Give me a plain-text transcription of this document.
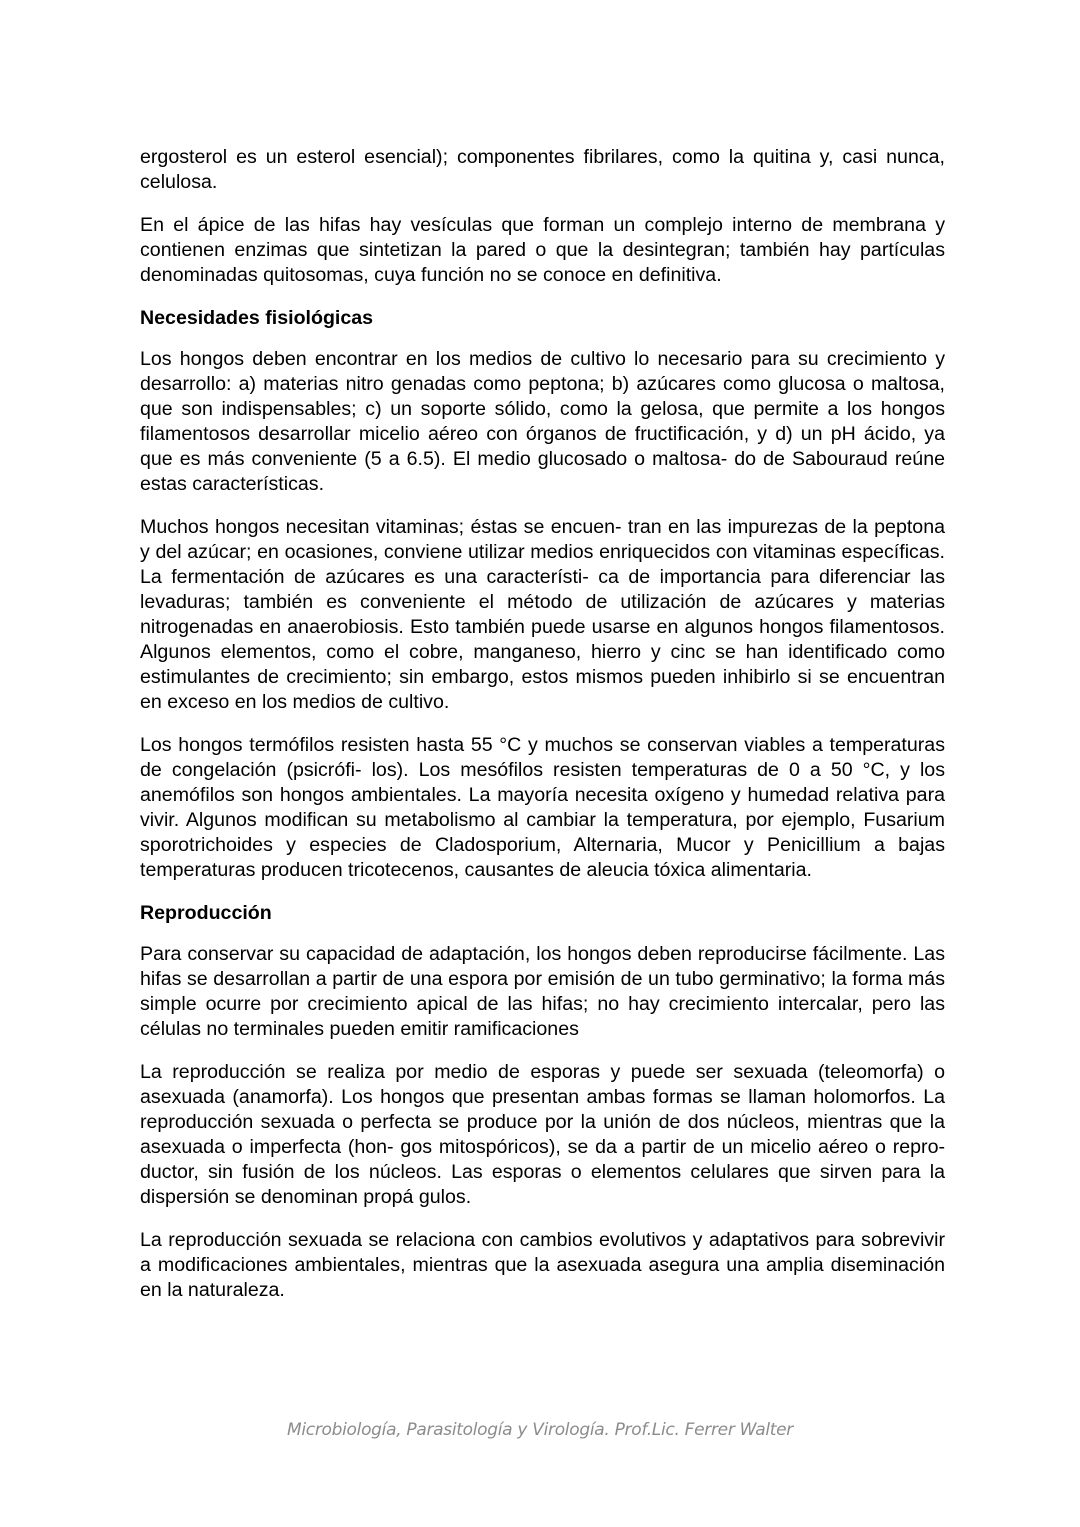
ergosterol es un esterol esencial); componentes fibrilares, como la quitina y, casi nunca, celulosa.

En el ápice de las hifas hay vesículas que forman un complejo interno de membrana y contienen enzimas que sintetizan la pared o que la desintegran; también hay partículas denominadas quitosomas, cuya función no se conoce en definitiva.

Necesidades fisiológicas

Los hongos deben encontrar en los medios de cultivo lo necesario para su crecimiento y desarrollo: a) materias nitro genadas como peptona; b) azúcares como glucosa o maltosa, que son indispensables; c) un soporte sólido, como la gelosa, que permite a los hongos filamentosos desarrollar micelio aéreo con órganos de fructificación, y d) un pH ácido, ya que es más conveniente (5 a 6.5). El medio glucosado o maltosa- do de Sabouraud reúne estas características.

Muchos hongos necesitan vitaminas; éstas se encuen- tran en las impurezas de la peptona y del azúcar; en ocasiones, conviene utilizar medios enriquecidos con vitaminas específicas. La fermentación de azúcares es una característi- ca de importancia para diferenciar las levaduras; también es conveniente el método de utilización de azúcares y materias nitrogenadas en anaerobiosis. Esto también puede usarse en algunos hongos filamentosos. Algunos elementos, como el cobre, manganeso, hierro y cinc se han identificado como estimulantes de crecimiento; sin embargo, estos mismos pueden inhibirlo si se encuentran en exceso en los medios de cultivo.

Los hongos termófilos resisten hasta 55 °C y muchos se conservan viables a temperaturas de congelación (psicrófi- los). Los mesófilos resisten temperaturas de 0 a 50 °C, y los anemófilos son hongos ambientales. La mayoría necesita oxígeno y humedad relativa para vivir. Algunos modifican su metabolismo al cambiar la temperatura, por ejemplo, Fusarium sporotrichoides y especies de Cladosporium, Alternaria, Mucor y Penicillium a bajas temperaturas producen tricotecenos, causantes de aleucia tóxica alimentaria.

Reproducción

Para conservar su capacidad de adaptación, los hongos deben reproducirse fácilmente. Las hifas se desarrollan a partir de una espora por emisión de un tubo germinativo; la forma más simple ocurre por crecimiento apical de las hifas; no hay crecimiento intercalar, pero las células no terminales pueden emitir ramificaciones

La reproducción se realiza por medio de esporas y puede ser sexuada (teleomorfa) o asexuada (anamorfa). Los hongos que presentan ambas formas se llaman holomorfos. La reproducción sexuada o perfecta se produce por la unión de dos núcleos, mientras que la asexuada o imperfecta (hon- gos mitospóricos), se da a partir de un micelio aéreo o repro- ductor, sin fusión de los núcleos. Las esporas o elementos celulares que sirven para la dispersión se denominan propá gulos.

La reproducción sexuada se relaciona con cambios evolutivos y adaptativos para sobrevivir a modificaciones ambientales, mientras que la asexuada asegura una amplia diseminación en la naturaleza.

Microbiología, Parasitología y Virología. Prof.Lic. Ferrer Walter
